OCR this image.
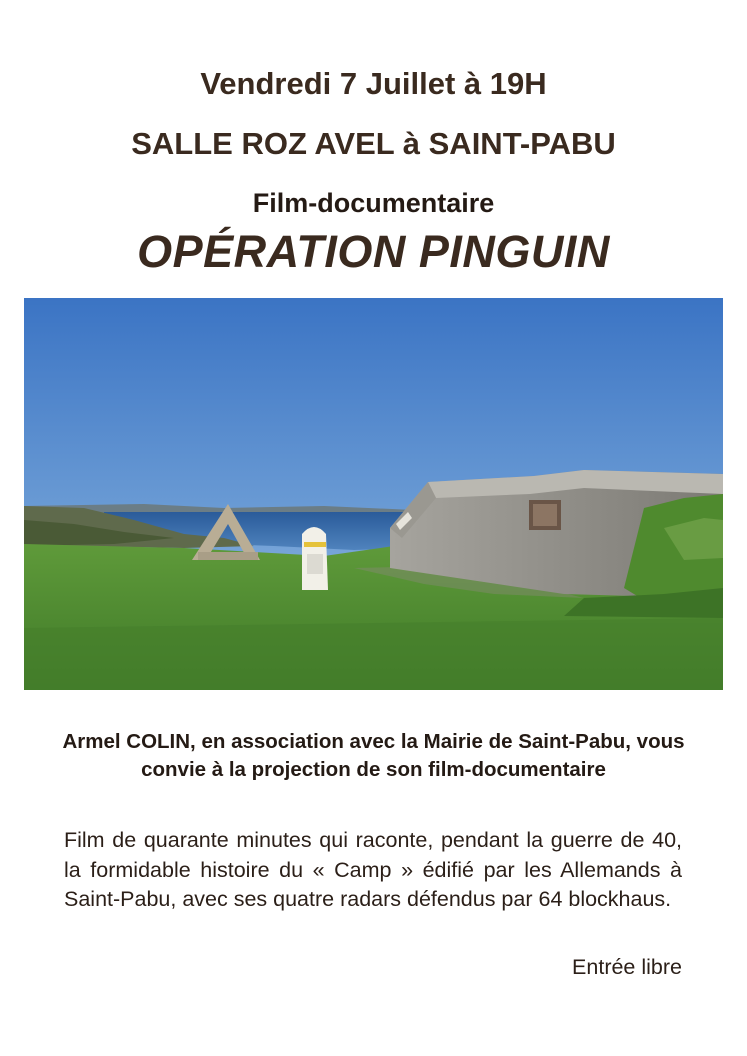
Vendredi 7 Juillet à 19H
SALLE ROZ AVEL à SAINT-PABU
Film-documentaire
OPÉRATION PINGUIN
Armel COLIN, en association avec la Mairie de Saint-Pabu, vous convie à la projection de son film-documentaire
Film de quarante minutes qui raconte, pendant la guerre de 40, la formidable histoire du « Camp » édifié par les Allemands à Saint-Pabu, avec ses quatre radars défendus par 64 blockhaus.
Entrée libre
